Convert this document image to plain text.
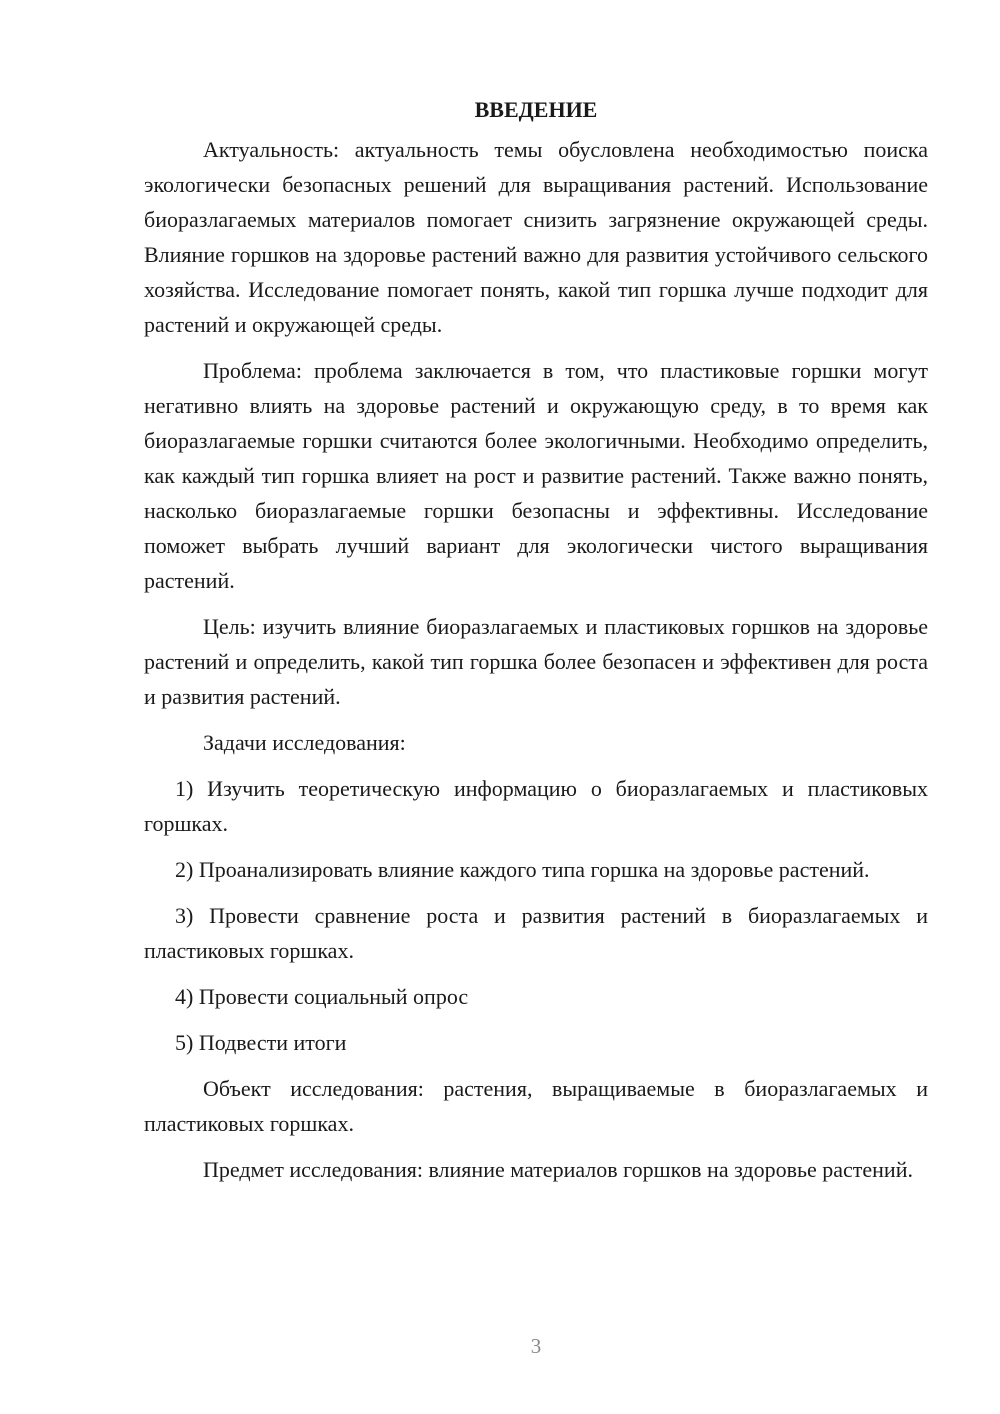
ВВЕДЕНИЕ

Актуальность: актуальность темы обусловлена необходимостью поиска экологически безопасных решений для выращивания растений. Использование биоразлагаемых материалов помогает снизить загрязнение окружающей среды. Влияние горшков на здоровье растений важно для развития устойчивого сельского хозяйства. Исследование помогает понять, какой тип горшка лучше подходит для растений и окружающей среды.

Проблема: проблема заключается в том, что пластиковые горшки могут негативно влиять на здоровье растений и окружающую среду, в то время как биоразлагаемые горшки считаются более экологичными. Необходимо определить, как каждый тип горшка влияет на рост и развитие растений. Также важно понять, насколько биоразлагаемые горшки безопасны и эффективны. Исследование поможет выбрать лучший вариант для экологически чистого выращивания растений.

Цель: изучить влияние биоразлагаемых и пластиковых горшков на здоровье растений и определить, какой тип горшка более безопасен и эффективен для роста и развития растений.

Задачи исследования:

1) Изучить теоретическую информацию о биоразлагаемых и пластиковых горшках.

2) Проанализировать влияние каждого типа горшка на здоровье растений.

3) Провести сравнение роста и развития растений в биоразлагаемых и пластиковых горшках.

4) Провести социальный опрос

5) Подвести итоги

Объект исследования: растения, выращиваемые в биоразлагаемых и пластиковых горшках.

Предмет исследования: влияние материалов горшков на здоровье растений.

3
